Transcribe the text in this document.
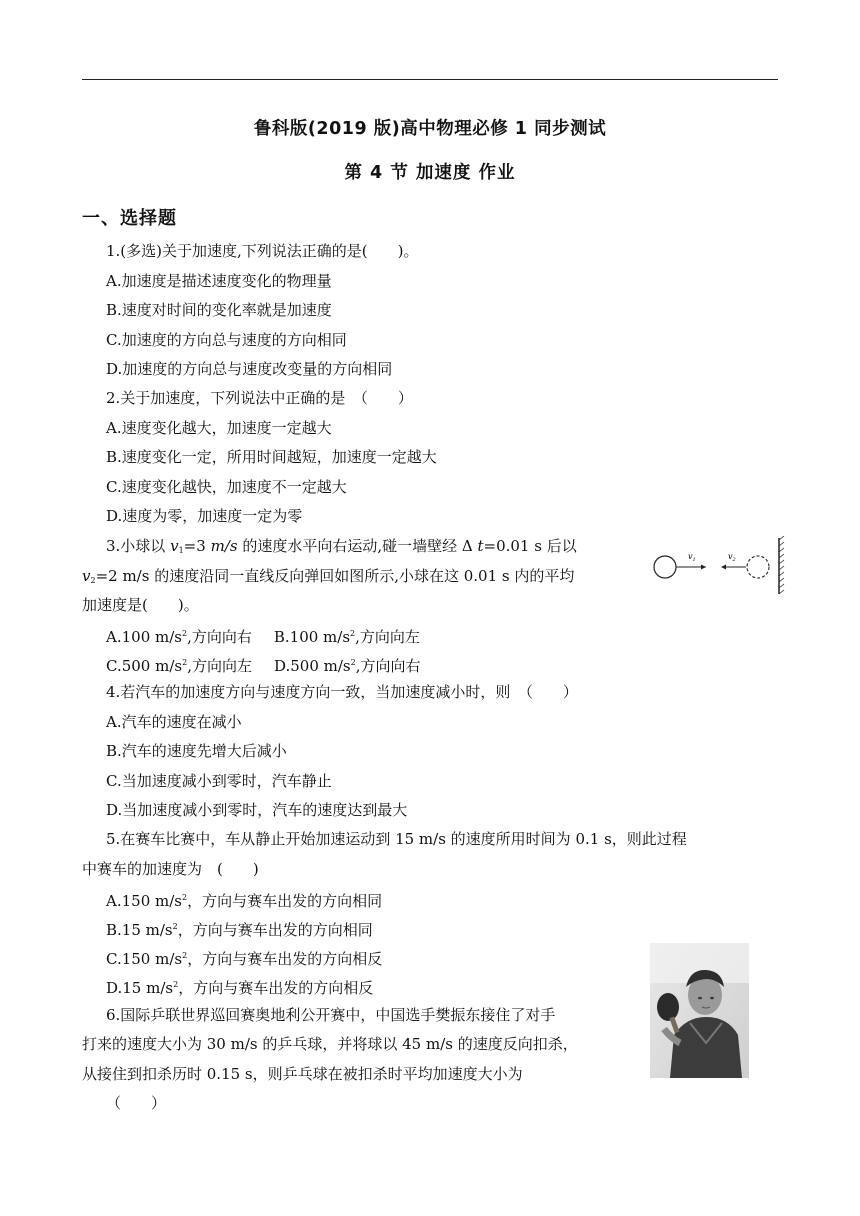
鲁科版(2019 版)高中物理必修 1 同步测试
第 4 节 加速度 作业
一、选择题
1.(多选)关于加速度,下列说法正确的是(　　)。
A.加速度是描述速度变化的物理量
B.速度对时间的变化率就是加速度
C.加速度的方向总与速度的方向相同
D.加速度的方向总与速度改变量的方向相同
2.关于加速度，下列说法中正确的是　（　　）
A.速度变化越大，加速度一定越大
B.速度变化一定，所用时间越短，加速度一定越大
C.速度变化越快，加速度不一定越大
D.速度为零，加速度一定为零
3.小球以 $v_1=3$ m/s 的速度水平向右运动,碰一墙壁经 Δ t=0.01 s 后以
$v_2=2$ m/s 的速度沿同一直线反向弹回如图所示,小球在这 0.01 s 内的平均
加速度是(　　)。
A.100 $m/s^2$,方向向右 B.100 $m/s^2$,方向向左
C.500 $m/s^2$,方向向左 D.500 $m/s^2$,方向向右
$v_1$	$v_2$
4.若汽车的加速度方向与速度方向一致，当加速度减小时，则　（　　）
A.汽车的速度在减小
B.汽车的速度先增大后减小
C.当加速度减小到零时，汽车静止
D.当加速度减小到零时，汽车的速度达到最大
5.在赛车比赛中，车从静止开始加速运动到 15 m/s 的速度所用时间为 0.1 s，则此过程
中赛车的加速度为　(　　)
A.150 $m/s^2$，方向与赛车出发的方向相同
B.15 $m/s^2$，方向与赛车出发的方向相同
C.150 $m/s^2$，方向与赛车出发的方向相反
D.15 $m/s^2$，方向与赛车出发的方向相反
6.国际乒联世界巡回赛奥地利公开赛中，中国选手樊振东接住了对手
打来的速度大小为 30 m/s 的乒乓球，并将球以 45 m/s 的速度反向扣杀，
从接住到扣杀历时 0.15 s，则乒乓球在被扣杀时平均加速度大小为
（　　）
